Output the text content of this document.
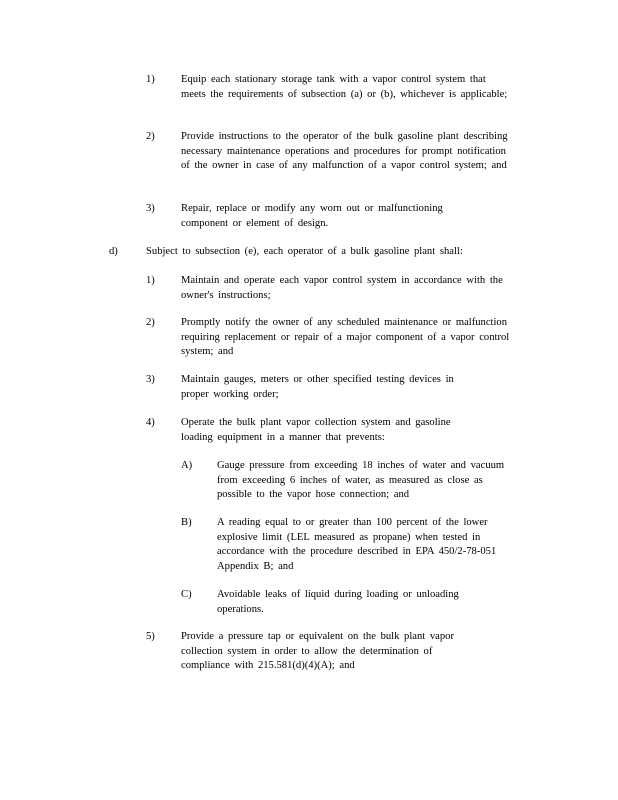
1) Equip each stationary storage tank with a vapor control system that meets the requirements of subsection (a) or (b), whichever is applicable;
2) Provide instructions to the operator of the bulk gasoline plant describing necessary maintenance operations and procedures for prompt notification of the owner in case of any malfunction of a vapor control system; and
3) Repair, replace or modify any worn out or malfunctioning
component or element of design.
d)	Subject to subsection (e), each operator of a bulk gasoline plant shall:
1) Maintain and operate each vapor control system in accordance with the owner's instructions;
2) Promptly notify the owner of any scheduled maintenance or malfunction requiring replacement or repair of a major component of a vapor control system; and
3) Maintain gauges, meters or other specified testing devices in
proper working order;
4) Operate the bulk plant vapor collection system and gasoline
loading equipment in a manner that prevents:
A) Gauge pressure from exceeding 18 inches of water and vacuum from exceeding 6 inches of water, as measured as close as possible to the vapor hose connection; and
B) A reading equal to or greater than 100 percent of the lower explosive limit (LEL measured as propane) when tested in accordance with the procedure described in EPA 450/2-78-051 Appendix B; and
C) Avoidable leaks of liquid during loading or unloading
operations.
5) Provide a pressure tap or equivalent on the bulk plant vapor
collection system in order to allow the determination of
compliance with 215.581(d)(4)(A); and
